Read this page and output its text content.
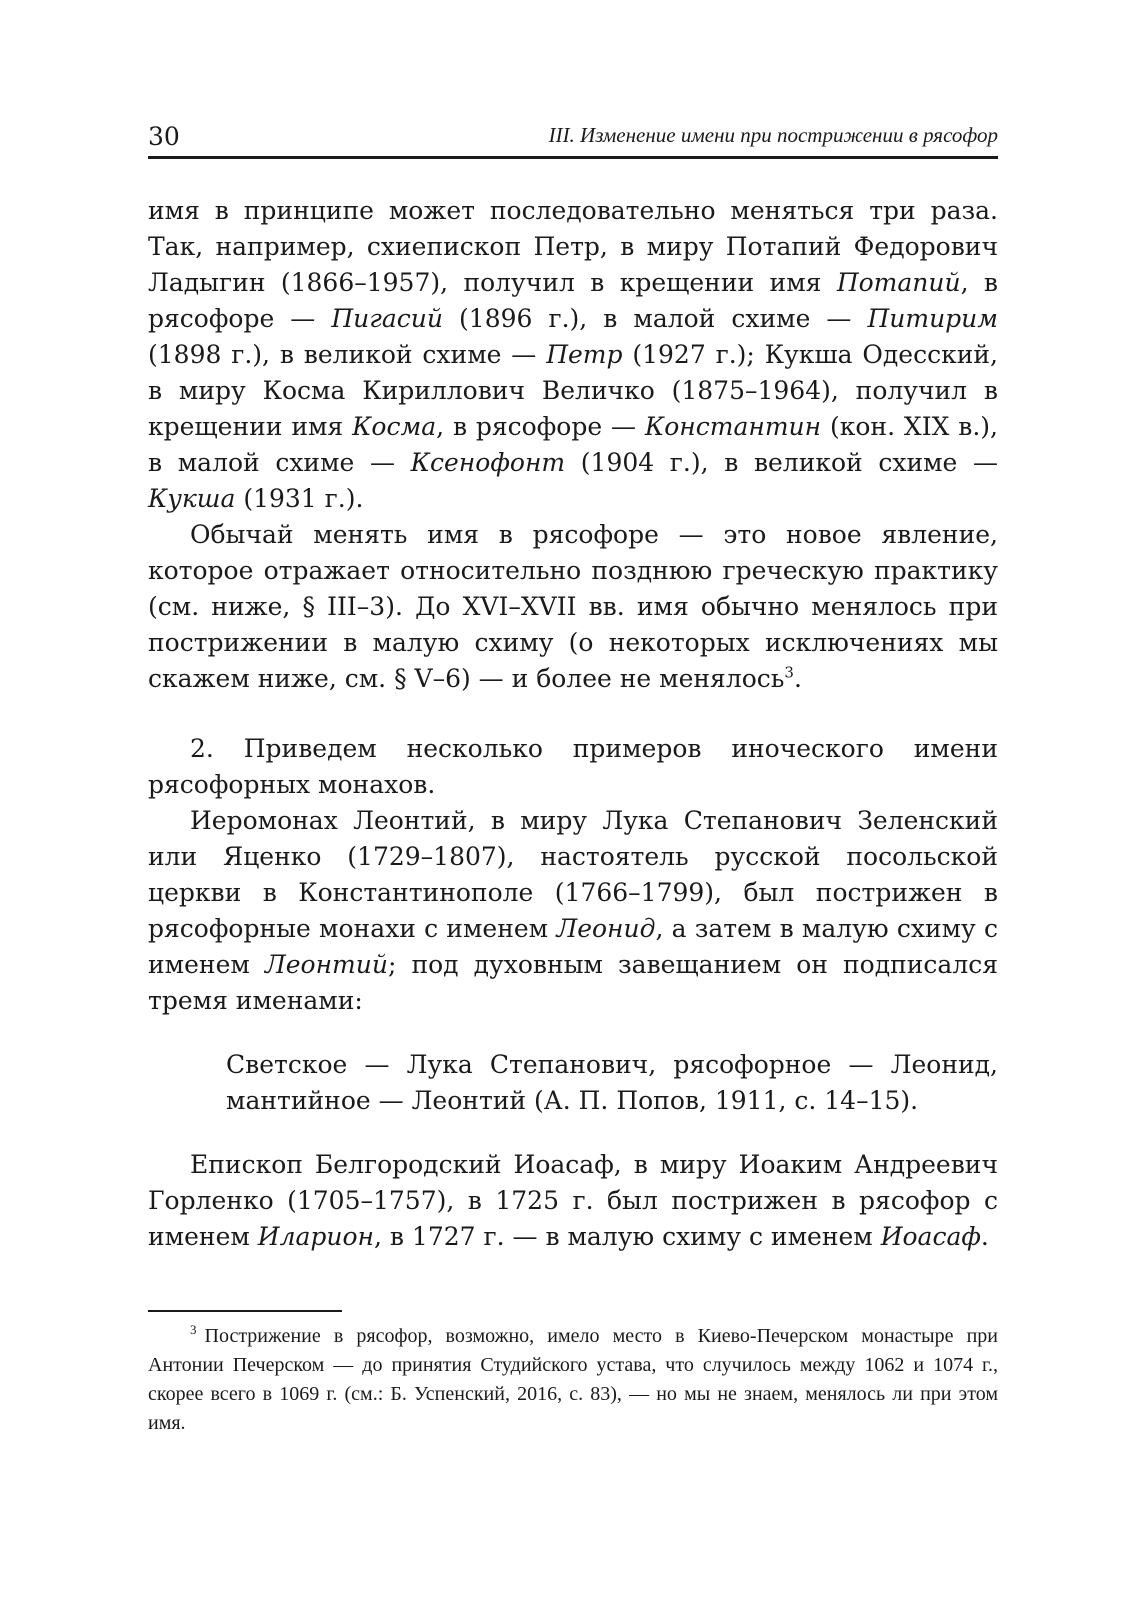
30	III. Изменение имени при пострижении в рясофор

имя в принципе может последовательно меняться три раза. Так, например, схиепископ Петр, в миру Потапий Федорович Ладыгин (1866–1957), получил в крещении имя Потапий, в рясофоре — Пигасий (1896 г.), в малой схиме — Питирим (1898 г.), в великой схиме — Петр (1927 г.); Кукша Одесский, в миру Косма Кириллович Величко (1875–1964), получил в крещении имя Косма, в рясофоре — Константин (кон. XIX в.), в малой схиме — Ксенофонт (1904 г.), в великой схиме — Кукша (1931 г.).

Обычай менять имя в рясофоре — это новое явление, которое отражает относительно позднюю греческую практику (см. ниже, § III–3). До XVI–XVII вв. имя обычно менялось при пострижении в малую схиму (о некоторых исключениях мы скажем ниже, см. § V–6) — и более не менялось$^3$.

2. Приведем несколько примеров иноческого имени рясофорных монахов.

Иеромонах Леонтий, в миру Лука Степанович Зеленский или Яценко (1729–1807), настоятель русской посольской церкви в Константинополе (1766–1799), был пострижен в рясофорные монахи с именем Леонид, а затем в малую схиму с именем Леонтий; под духовным завещанием он подписался тремя именами:

Светское — Лука Степанович, рясофорное — Леонид, мантийное — Леонтий (А. П. Попов, 1911, с. 14–15).

Епископ Белгородский Иоасаф, в миру Иоаким Андреевич Горленко (1705–1757), в 1725 г. был пострижен в рясофор с именем Иларион, в 1727 г. — в малую схиму с именем Иоасаф.

3 Пострижение в рясофор, возможно, имело место в Киево-Печерском монастыре при Антонии Печерском — до принятия Студийского устава, что случилось между 1062 и 1074 г., скорее всего в 1069 г. (см.: Б. Успенский, 2016, с. 83), — но мы не знаем, менялось ли при этом имя.
